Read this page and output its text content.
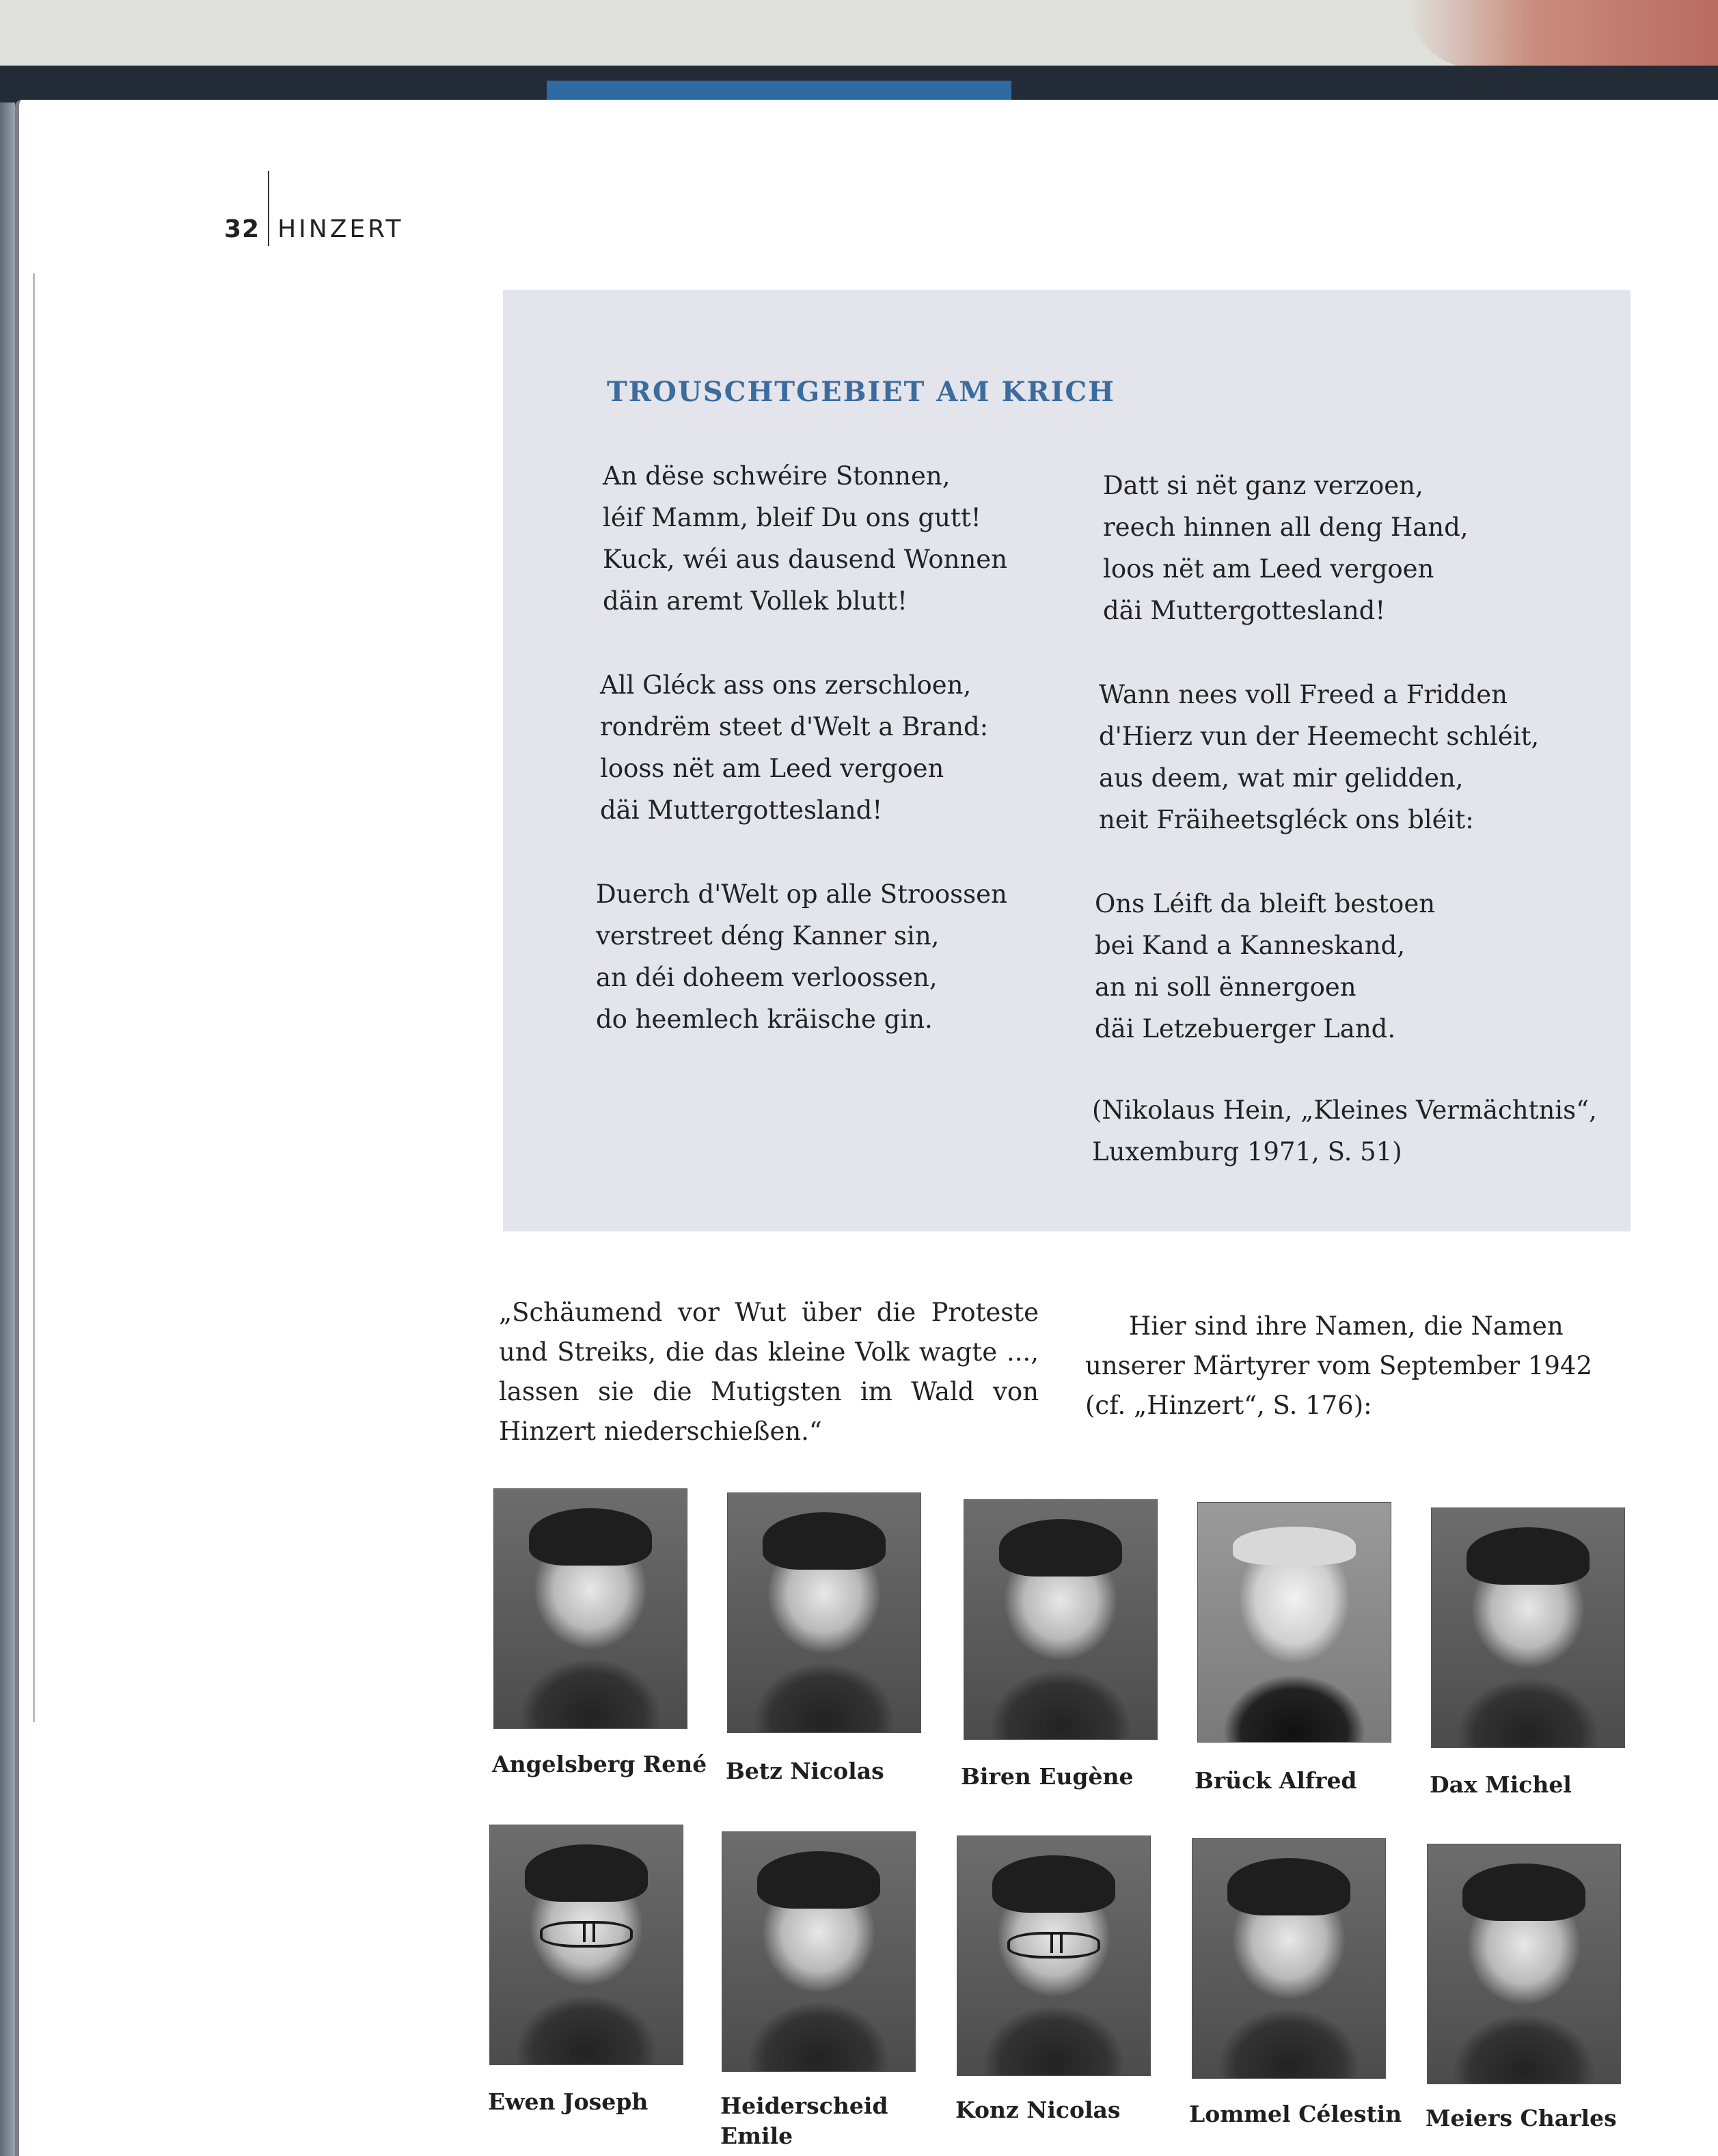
32 HINZERT
TROUSCHTGEBIET AM KRICH
An dëse schwéire Stonnen,
léif Mamm, bleif Du ons gutt!
Kuck, wéi aus dausend Wonnen
däin aremt Vollek blutt!
All Gléck ass ons zerschloen,
rondrëm steet d'Welt a Brand:
looss nët am Leed vergoen
däi Muttergottesland!
Duerch d'Welt op alle Stroossen
verstreet déng Kanner sin,
an déi doheem verloossen,
do heemlech kräische gin.
Datt si nët ganz verzoen,
reech hinnen all deng Hand,
loos nët am Leed vergoen
däi Muttergottesland!
Wann nees voll Freed a Fridden
d'Hierz vun der Heemecht schléit,
aus deem, wat mir gelidden,
neit Fräiheetsgléck ons bléit:
Ons Léift da bleift bestoen
bei Kand a Kanneskand,
an ni soll ënnergoen
däi Letzebuerger Land.
(Nikolaus Hein, „Kleines Vermächtnis“,
Luxemburg 1971, S. 51)
„Schäumend vor Wut über die Proteste und Streiks, die das kleine Volk wagte ..., lassen sie die Mutigsten im Wald von Hinzert niederschießen.“
Hier sind ihre Namen, die Namen unserer Märtyrer vom September 1942 (cf. „Hinzert“, S. 176):
Angelsberg René Betz Nicolas	Biren Eugène	Brück Alfred	Dax Michel
Ewen Joseph	Heiderscheid Emile
Konz Nicolas	Lommel Célestin Meiers Charles
